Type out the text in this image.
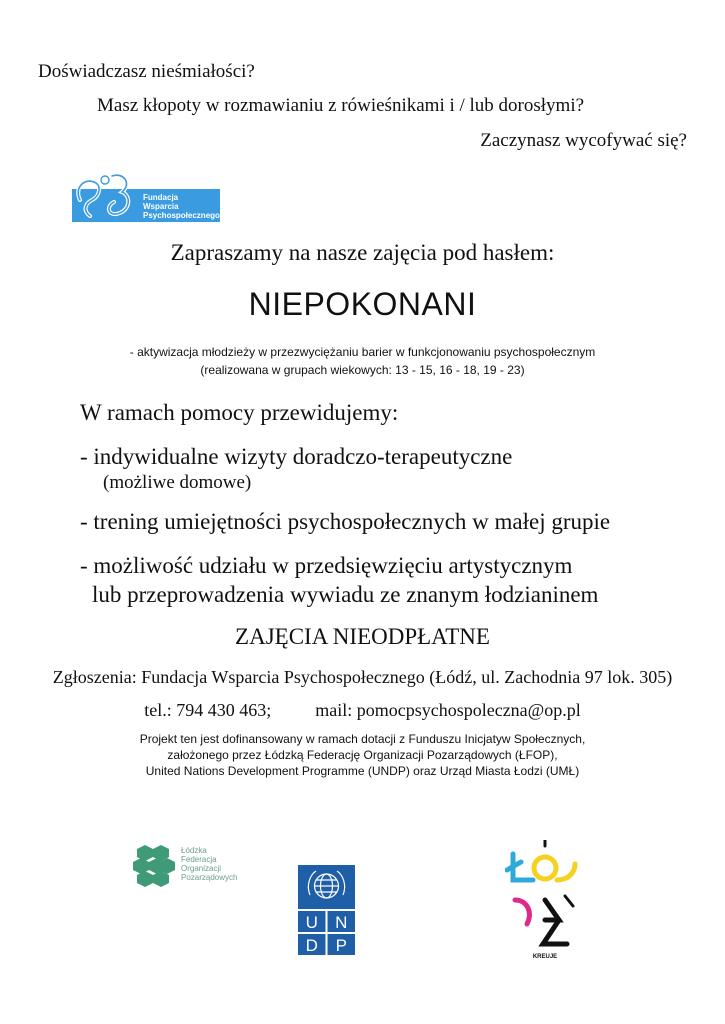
Doświadczasz nieśmiałości?
Masz kłopoty w rozmawianiu z rówieśnikami i / lub dorosłymi?
Zaczynasz wycofywać się?
Fundacja
Wsparcia
Psychospołecznego
Zapraszamy na nasze zajęcia pod hasłem:
NIEPOKONANI
- aktywizacja młodzieży w przezwyciężaniu barier w funkcjonowaniu psychospołecznym
(realizowana w grupach wiekowych: 13 - 15, 16 - 18, 19 - 23)
W ramach pomocy przewidujemy:
- indywidualne wizyty doradczo-terapeutyczne
(możliwe domowe)
- trening umiejętności psychospołecznych w małej grupie
- możliwość udziału w przedsięwzięciu artystycznym
lub przeprowadzenia wywiadu ze znanym łodzianinem
ZAJĘCIA NIEODPŁATNE
Zgłoszenia: Fundacja Wsparcia Psychospołecznego (Łódź, ul. Zachodnia 97 lok. 305)
tel.: 794 430 463; mail: pomocpsychospoleczna@op.pl
Projekt ten jest dofinansowany w ramach dotacji z Funduszu Inicjatyw Społecznych,
założonego przez Łódzką Federację Organizacji Pozarządowych (ŁFOP),
United Nations Development Programme (UNDP) oraz Urząd Miasta Łodzi (UMŁ)
Łódzka
Federacja
Organizacji
Pozarządowych
U N
D P
KREUJE
